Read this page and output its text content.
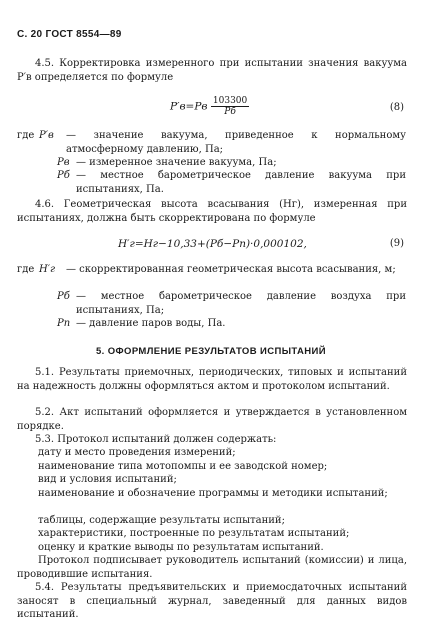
С. 20 ГОСТ 8554—89
4.5. Корректировка измеренного при испытании значения вакуума P′в определяется по формуле
$P'в=Pв \frac{103300}{Pб}$	(8)
где P′в	— значение вакуума, приведенное к нормальному атмосферному давлению, Па;
Pв — измеренное значение вакуума, Па;
Pб — местное барометрическое давление вакуума при испытаниях, Па.
4.6. Геометрическая высота всасывания (Hг), измеренная при испытаниях, должна быть скорректирована по формуле
H′г=Hг−10,33+(Pб−Pп)·0,000102,	(9)
где H′г	— скорректированная геометрическая высота всасывания, м;
Pб — местное барометрическое давление воздуха при испытаниях, Па;
Pп — давление паров воды, Па.
5. ОФОРМЛЕНИЕ РЕЗУЛЬТАТОВ ИСПЫТАНИЙ
5.1. Результаты приемочных, периодических, типовых и испытаний на надежность должны оформляться актом и протоколом испытаний.
5.2. Акт испытаний оформляется и утверждается в установленном порядке.
5.3. Протокол испытаний должен содержать:
дату и место проведения измерений;
наименование типа мотопомпы и ее заводской номер;
вид и условия испытаний;
наименование и обозначение программы и методики испытаний;
таблицы, содержащие результаты испытаний;
характеристики, построенные по результатам испытаний;
оценку и краткие выводы по результатам испытаний.
Протокол подписывает руководитель испытаний (комиссии) и лица, проводившие испытания.
5.4. Результаты предъявительских и приемосдаточных испытаний заносят в специальный журнал, заведенный для данных видов испытаний.
